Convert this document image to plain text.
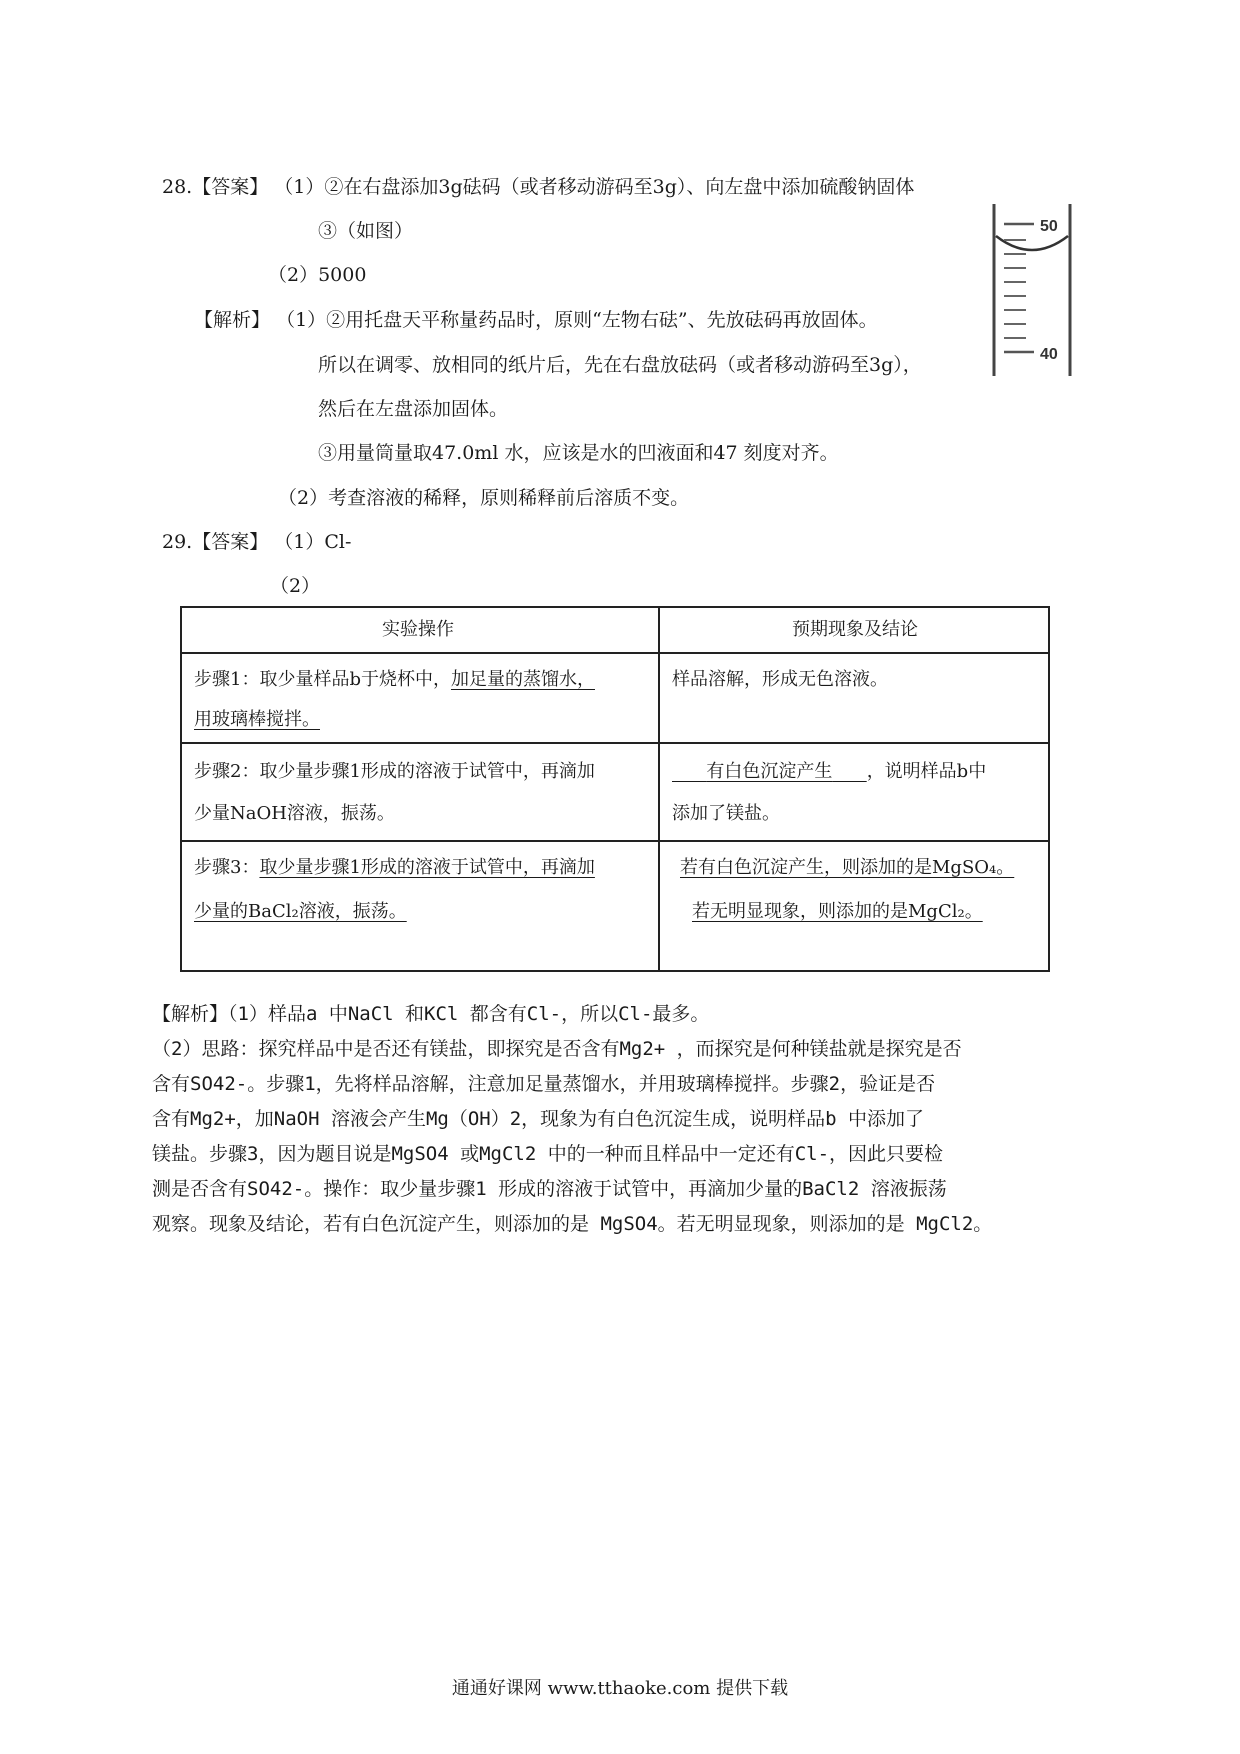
28.【答案】 （1）②在右盘添加3g砝码（或者移动游码至3g）、向左盘中添加硫酸钠固体
③（如图）
（2）5000
【解析】 （1）②用托盘天平称量药品时，原则“左物右砝”、先放砝码再放固体。
所以在调零、放相同的纸片后，先在右盘放砝码（或者移动游码至3g），
然后在左盘添加固体。
③用量筒量取47.0ml 水，应该是水的凹液面和47 刻度对齐。
（2）考查溶液的稀释，原则稀释前后溶质不变。
50
40
29.【答案】 （1）Cl-
（2）
实验操作	预期现象及结论
步骤1：取少量样品b于烧杯中，加足量的蒸馏水，
用玻璃棒搅拌。
样品溶解，形成无色溶液。
步骤2：取少量步骤1形成的溶液于试管中，再滴加
少量NaOH溶液，振荡。
有白色沉淀产生 ，说明样品b中
添加了镁盐。
步骤3：取少量步骤1形成的溶液于试管中，再滴加
少量的BaCl₂溶液，振荡。
若有白色沉淀产生，则添加的是MgSO₄。
若无明显现象，则添加的是MgCl₂。
【解析】（1）样品a 中NaCl 和KCl 都含有Cl-，所以Cl-最多。
（2）思路：探究样品中是否还有镁盐，即探究是否含有Mg2+ ，而探究是何种镁盐就是探究是否
含有SO42-。步骤1，先将样品溶解，注意加足量蒸馏水，并用玻璃棒搅拌。步骤2，验证是否
含有Mg2+，加NaOH 溶液会产生Mg（OH）2，现象为有白色沉淀生成，说明样品b 中添加了
镁盐。步骤3，因为题目说是MgSO4 或MgCl2 中的一种而且样品中一定还有Cl-，因此只要检
测是否含有SO42-。操作：取少量步骤1 形成的溶液于试管中，再滴加少量的BaCl2 溶液振荡
观察。现象及结论，若有白色沉淀产生，则添加的是 MgSO4。若无明显现象，则添加的是 MgCl2。
通通好课网 www.tthaoke.com 提供下载
